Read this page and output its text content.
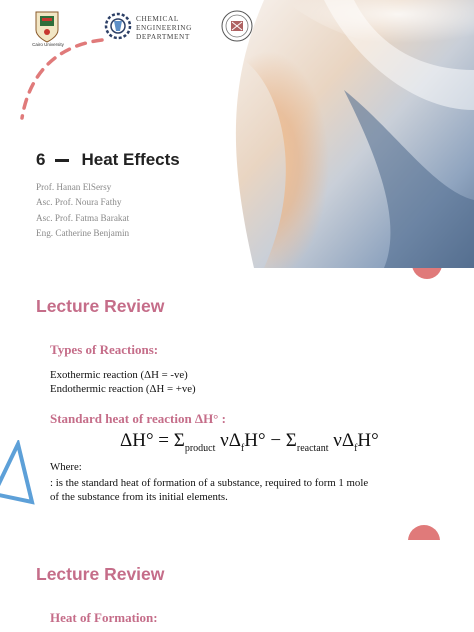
Cairo University
CHEMICAL
ENGINEERING
DEPARTMENT
6 Heat Effects
Prof. Hanan ElSersy
Asc. Prof. Noura Fathy
Asc. Prof. Fatma Barakat
Eng. Catherine Benjamin
Lecture Review
Types of Reactions:
Exothermic reaction (ΔH = -ve)
Endothermic reaction (ΔH = +ve)
Standard heat of reaction ΔH° :
$\Delta H^\circ = \Sigma_{product}$ $\nu\Delta_fH^\circ - \Sigma_{reactant}$ $\nu\Delta_fH^\circ$
Where:
: is the standard heat of formation of a substance, required to form 1 mole
of the substance from its initial elements.
Lecture Review
Heat of Formation:
